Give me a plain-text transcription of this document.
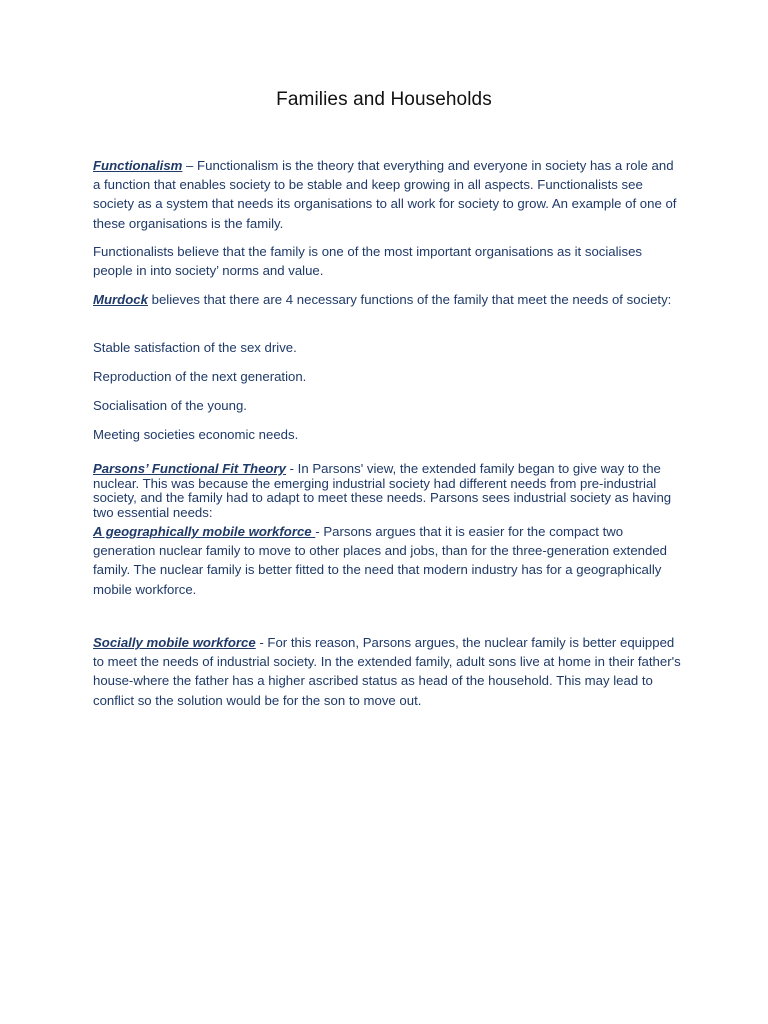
Families and Households

Functionalism – Functionalism is the theory that everything and everyone in society has a role and a function that enables society to be stable and keep growing in all aspects. Functionalists see society as a system that needs its organisations to all work for society to grow. An example of one of these organisations is the family.

Functionalists believe that the family is one of the most important organisations as it socialises people in into society’ norms and value.

Murdock believes that there are 4 necessary functions of the family that meet the needs of society:

Stable satisfaction of the sex drive.

Reproduction of the next generation.

Socialisation of the young.

Meeting societies economic needs.

Parsons’ Functional Fit Theory - In Parsons' view, the extended family began to give way to the nuclear. This was because the emerging industrial society had different needs from pre-industrial society, and the family had to adapt to meet these needs. Parsons sees industrial society as having two essential needs:

A geographically mobile workforce - Parsons argues that it is easier for the compact two generation nuclear family to move to other places and jobs, than for the three-generation extended family. The nuclear family is better fitted to the need that modern industry has for a geographically mobile workforce.

Socially mobile workforce - For this reason, Parsons argues, the nuclear family is better equipped to meet the needs of industrial society. In the extended family, adult sons live at home in their father's house-where the father has a higher ascribed status as head of the household. This may lead to conflict so the solution would be for the son to move out.
